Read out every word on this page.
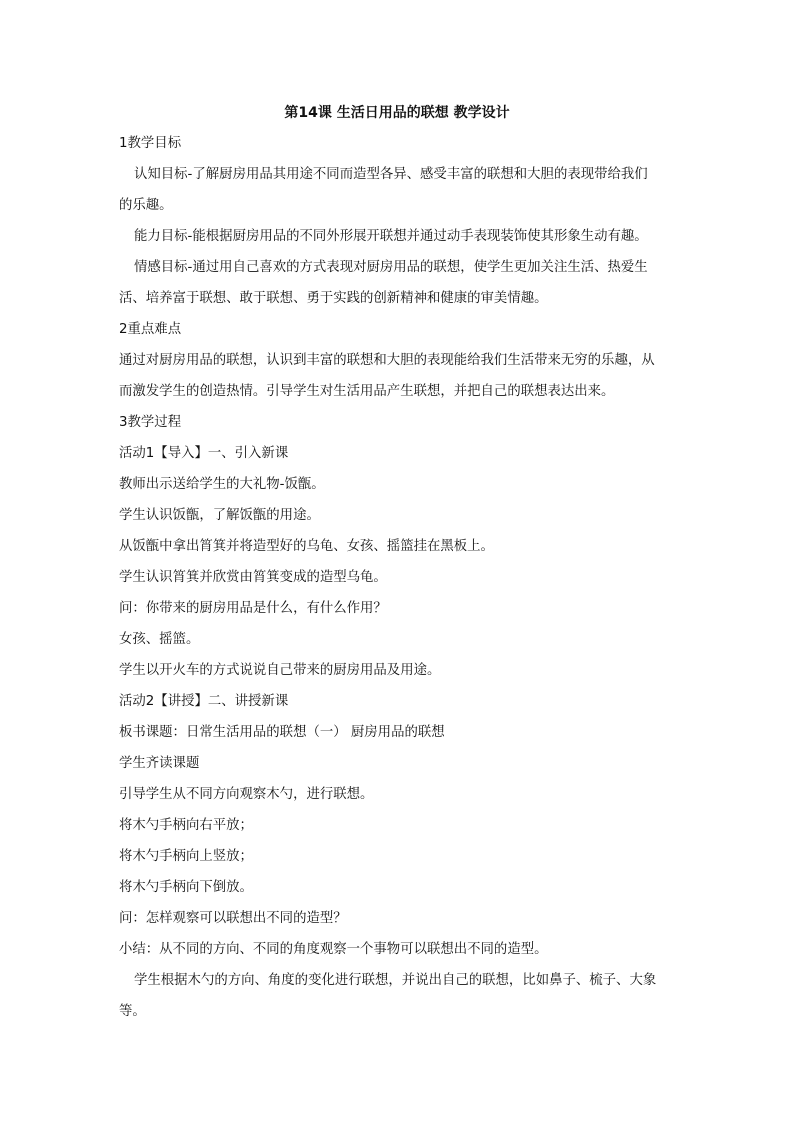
第14课 生活日用品的联想 教学设计
1教学目标
认知目标-了解厨房用品其用途不同而造型各异、感受丰富的联想和大胆的表现带给我们
的乐趣。
能力目标-能根据厨房用品的不同外形展开联想并通过动手表现装饰使其形象生动有趣。
情感目标-通过用自己喜欢的方式表现对厨房用品的联想，使学生更加关注生活、热爱生
活、培养富于联想、敢于联想、勇于实践的创新精神和健康的审美情趣。
2重点难点
通过对厨房用品的联想，认识到丰富的联想和大胆的表现能给我们生活带来无穷的乐趣，从
而激发学生的创造热情。引导学生对生活用品产生联想，并把自己的联想表达出来。
3教学过程
活动1【导入】一、引入新课
教师出示送给学生的大礼物-饭甑。
学生认识饭甑，了解饭甑的用途。
从饭甑中拿出筲箕并将造型好的乌龟、女孩、摇篮挂在黑板上。
学生认识筲箕并欣赏由筲箕变成的造型乌龟。
问：你带来的厨房用品是什么，有什么作用？
女孩、摇篮。
学生以开火车的方式说说自己带来的厨房用品及用途。
活动2【讲授】二、讲授新课
板书课题：日常生活用品的联想（一） 厨房用品的联想
学生齐读课题
引导学生从不同方向观察木勺，进行联想。
将木勺手柄向右平放；
将木勺手柄向上竖放；
将木勺手柄向下倒放。
问：怎样观察可以联想出不同的造型？
小结：从不同的方向、不同的角度观察一个事物可以联想出不同的造型。
学生根据木勺的方向、角度的变化进行联想，并说出自己的联想，比如鼻子、梳子、大象
等。
